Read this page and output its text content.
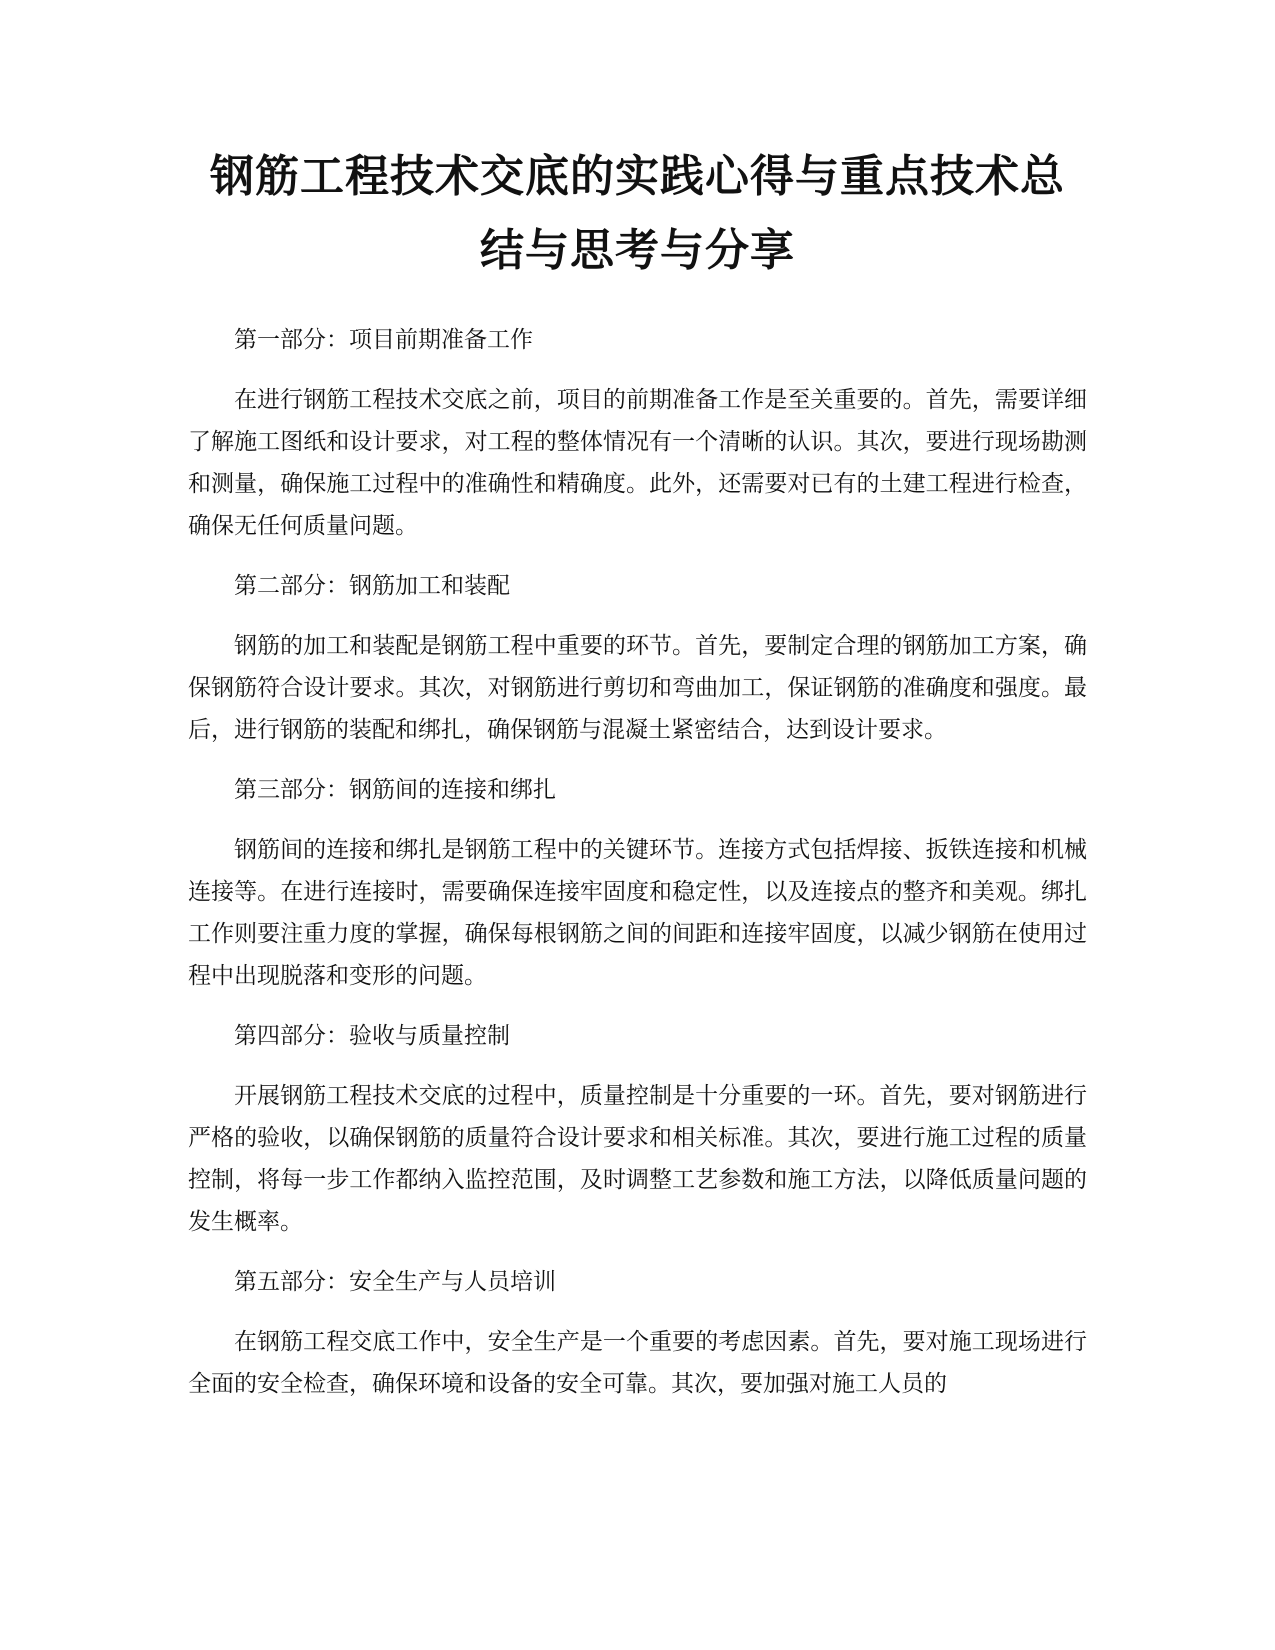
钢筋工程技术交底的实践心得与重点技术总
结与思考与分享

第一部分：项目前期准备工作

在进行钢筋工程技术交底之前，项目的前期准备工作是至关重要的。首先，需要详细了解施工图纸和设计要求，对工程的整体情况有一个清晰的认识。其次，要进行现场勘测和测量，确保施工过程中的准确性和精确度。此外，还需要对已有的土建工程进行检查，确保无任何质量问题。

第二部分：钢筋加工和装配

钢筋的加工和装配是钢筋工程中重要的环节。首先，要制定合理的钢筋加工方案，确保钢筋符合设计要求。其次，对钢筋进行剪切和弯曲加工，保证钢筋的准确度和强度。最后，进行钢筋的装配和绑扎，确保钢筋与混凝土紧密结合，达到设计要求。

第三部分：钢筋间的连接和绑扎

钢筋间的连接和绑扎是钢筋工程中的关键环节。连接方式包括焊接、扳铁连接和机械连接等。在进行连接时，需要确保连接牢固度和稳定性，以及连接点的整齐和美观。绑扎工作则要注重力度的掌握，确保每根钢筋之间的间距和连接牢固度，以减少钢筋在使用过程中出现脱落和变形的问题。

第四部分：验收与质量控制

开展钢筋工程技术交底的过程中，质量控制是十分重要的一环。首先，要对钢筋进行严格的验收，以确保钢筋的质量符合设计要求和相关标准。其次，要进行施工过程的质量控制，将每一步工作都纳入监控范围，及时调整工艺参数和施工方法，以降低质量问题的发生概率。

第五部分：安全生产与人员培训

在钢筋工程交底工作中，安全生产是一个重要的考虑因素。首先，要对施工现场进行全面的安全检查，确保环境和设备的安全可靠。其次，要加强对施工人员的
